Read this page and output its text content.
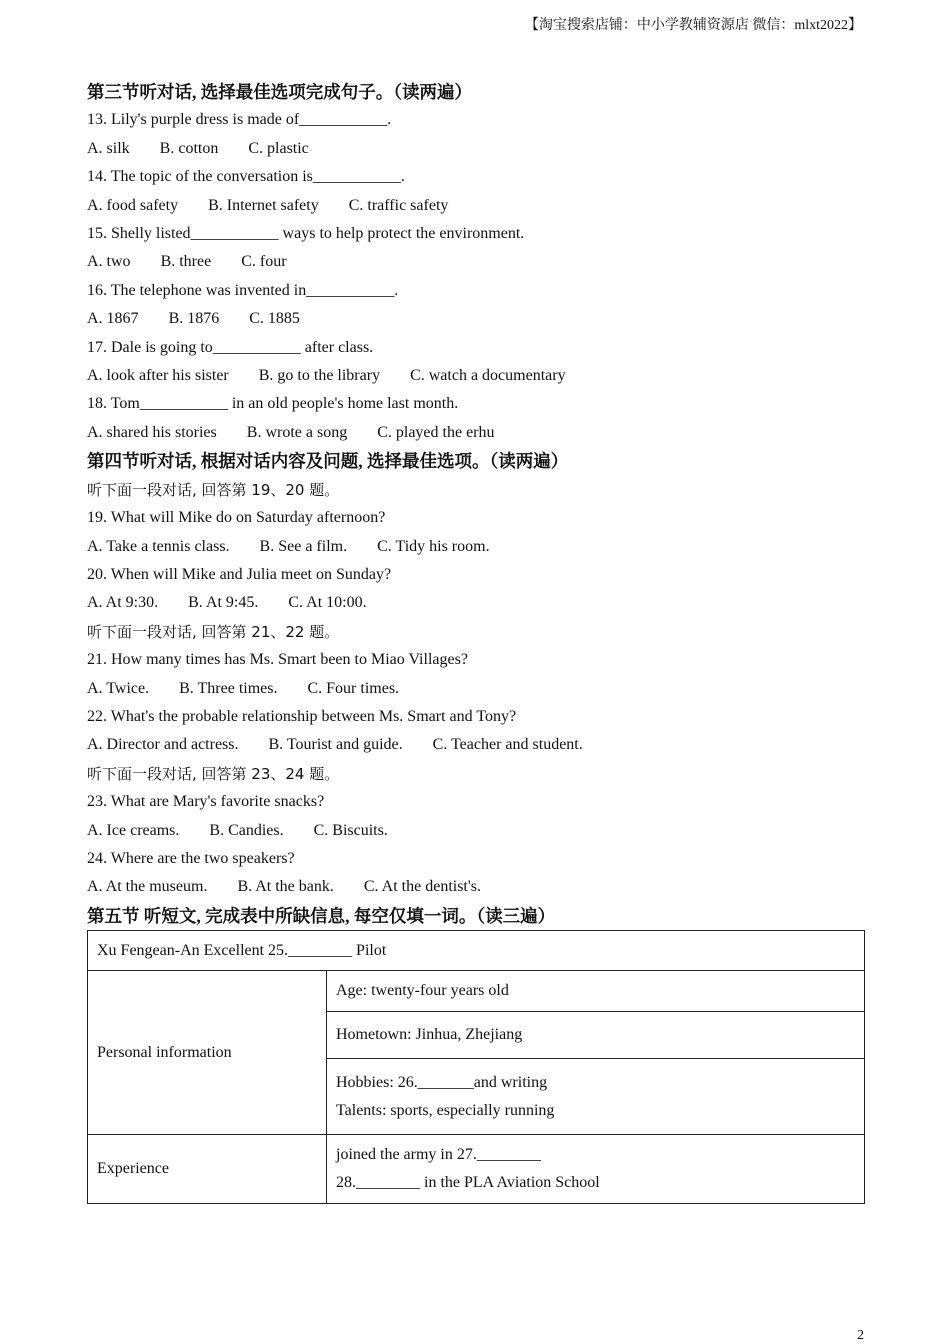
【淘宝搜索店铺：中小学教辅资源店 微信：mlxt2022】
第三节听对话, 选择最佳选项完成句子。（读两遍）
13. Lily's purple dress is made of___________.
A. silk B. cotton C. plastic
14. The topic of the conversation is___________.
A. food safety B. Internet safety C. traffic safety
15. Shelly listed___________ ways to help protect the environment.
A. two B. three C. four
16. The telephone was invented in___________.
A. 1867 B. 1876 C. 1885
17. Dale is going to___________ after class.
A. look after his sister B. go to the library C. watch a documentary
18. Tom___________ in an old people's home last month.
A. shared his stories B. wrote a song C. played the erhu
第四节听对话, 根据对话内容及问题, 选择最佳选项。（读两遍）
听下面一段对话, 回答第 19、20 题。
19. What will Mike do on Saturday afternoon?
A. Take a tennis class. B. See a film. C. Tidy his room.
20. When will Mike and Julia meet on Sunday?
A. At 9:30. B. At 9:45. C. At 10:00.
听下面一段对话, 回答第 21、22 题。
21. How many times has Ms. Smart been to Miao Villages?
A. Twice. B. Three times. C. Four times.
22. What's the probable relationship between Ms. Smart and Tony?
A. Director and actress. B. Tourist and guide. C. Teacher and student.
听下面一段对话, 回答第 23、24 题。
23. What are Mary's favorite snacks?
A. Ice creams. B. Candies. C. Biscuits.
24. Where are the two speakers?
A. At the museum. B. At the bank. C. At the dentist's.
第五节 听短文, 完成表中所缺信息, 每空仅填一词。（读三遍）
Xu Fengean-An Excellent 25.________ Pilot	
Personal information	Age: twenty-four years old
	Hometown: Jinhua, Zhejiang

	Hobbies: 26._______and writing
Talents: sports, especially running

Experience	joined the army in 27.________
28.________ in the PLA Aviation School
2
